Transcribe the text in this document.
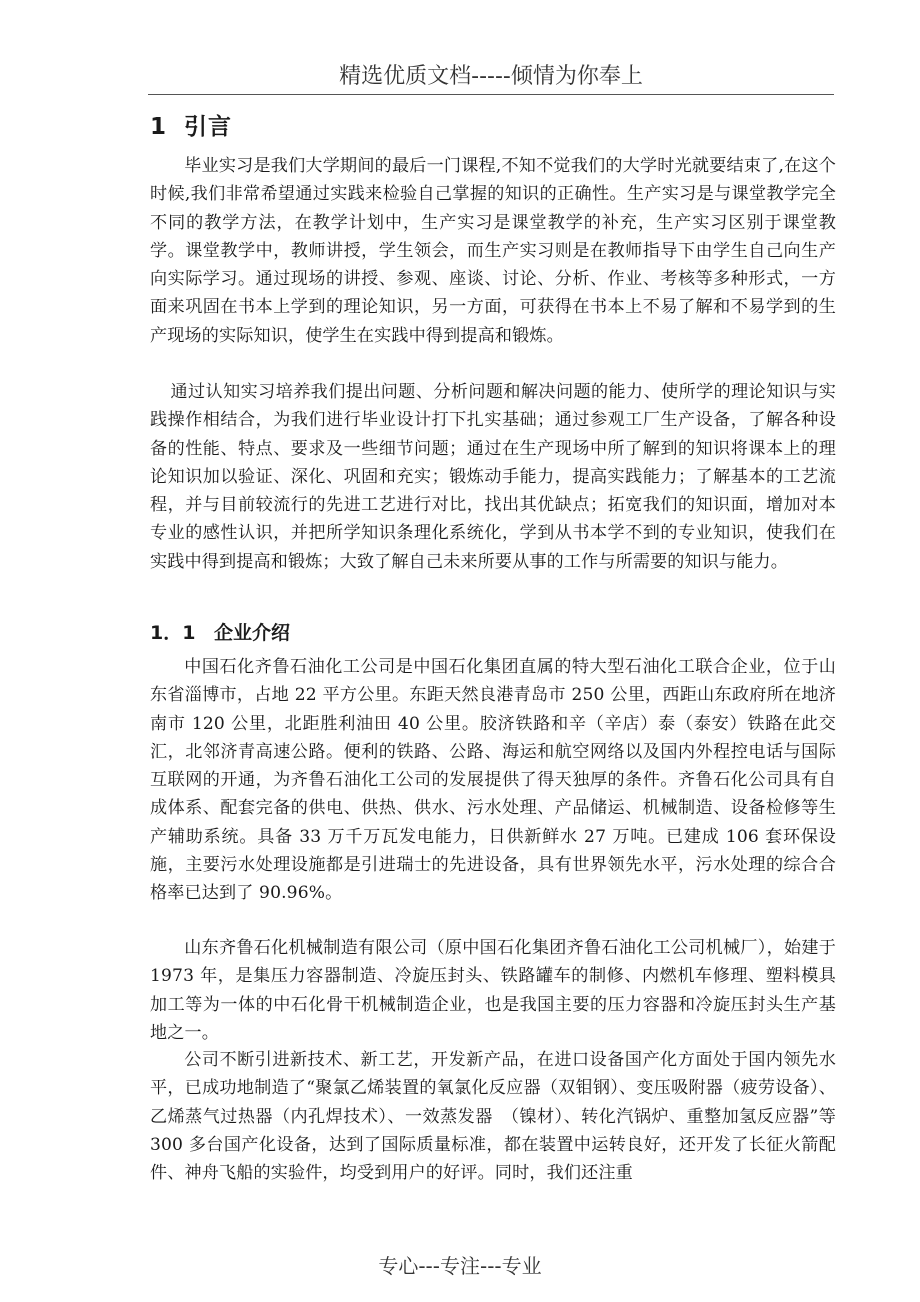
精选优质文档-----倾情为你奉上
1 引言

毕业实习是我们大学期间的最后一门课程,不知不觉我们的大学时光就要结束了,在这个时候,我们非常希望通过实践来检验自己掌握的知识的正确性。生产实习是与课堂教学完全不同的教学方法，在教学计划中，生产实习是课堂教学的补充，生产实习区别于课堂教学。课堂教学中，教师讲授，学生领会，而生产实习则是在教师指导下由学生自己向生产向实际学习。通过现场的讲授、参观、座谈、讨论、分析、作业、考核等多种形式，一方面来巩固在书本上学到的理论知识，另一方面，可获得在书本上不易了解和不易学到的生产现场的实际知识，使学生在实践中得到提高和锻炼。

通过认知实习培养我们提出问题、分析问题和解决问题的能力、使所学的理论知识与实践操作相结合，为我们进行毕业设计打下扎实基础；通过参观工厂生产设备，了解各种设备的性能、特点、要求及一些细节问题；通过在生产现场中所了解到的知识将课本上的理论知识加以验证、深化、巩固和充实；锻炼动手能力，提高实践能力；了解基本的工艺流程，并与目前较流行的先进工艺进行对比，找出其优缺点；拓宽我们的知识面，增加对本专业的感性认识，并把所学知识条理化系统化，学到从书本学不到的专业知识，使我们在实践中得到提高和锻炼；大致了解自己未来所要从事的工作与所需要的知识与能力。

1．1 企业介绍

中国石化齐鲁石油化工公司是中国石化集团直属的特大型石油化工联合企业，位于山东省淄博市，占地 22 平方公里。东距天然良港青岛市 250 公里，西距山东政府所在地济南市 120 公里，北距胜利油田 40 公里。胶济铁路和辛（辛店）泰（泰安）铁路在此交汇，北邻济青高速公路。便利的铁路、公路、海运和航空网络以及国内外程控电话与国际互联网的开通，为齐鲁石油化工公司的发展提供了得天独厚的条件。齐鲁石化公司具有自成体系、配套完备的供电、供热、供水、污水处理、产品储运、机械制造、设备检修等生产辅助系统。具备 33 万千万瓦发电能力，日供新鲜水 27 万吨。已建成 106 套环保设施，主要污水处理设施都是引进瑞士的先进设备，具有世界领先水平，污水处理的综合合格率已达到了 90.96%。

山东齐鲁石化机械制造有限公司（原中国石化集团齐鲁石油化工公司机械厂），始建于 1973 年，是集压力容器制造、冷旋压封头、铁路罐车的制修、内燃机车修理、塑料模具加工等为一体的中石化骨干机械制造企业，也是我国主要的压力容器和冷旋压封头生产基地之一。

公司不断引进新技术、新工艺，开发新产品，在进口设备国产化方面处于国内领先水平，已成功地制造了“聚氯乙烯装置的氧氯化反应器（双钼钢）、变压吸附器（疲劳设备）、乙烯蒸气过热器（内孔焊技术）、一效蒸发器　（镍材）、转化汽锅炉、重整加氢反应器”等 300 多台国产化设备，达到了国际质量标准，都在装置中运转良好，还开发了长征火箭配件、神舟飞船的实验件，均受到用户的好评。同时，我们还注重

专心---专注---专业
